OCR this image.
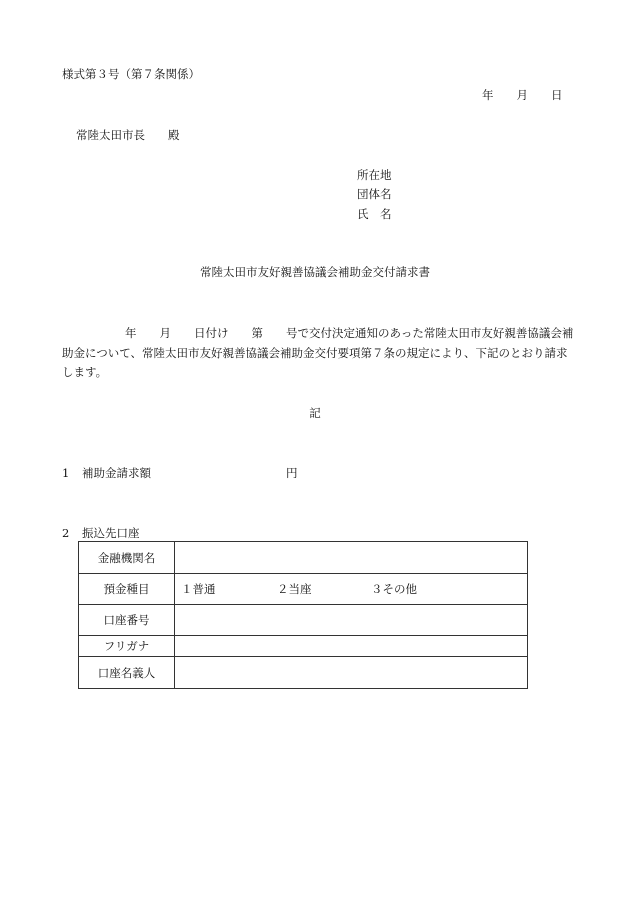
様式第３号（第７条関係）
年　　月　　日
常陸太田市長　　殿
所在地
団体名
氏　名
常陸太田市友好親善協議会補助金交付請求書
年　　月　　日付け　　第　　号で交付決定通知のあった常陸太田市友好親善協議会補助金について、常陸太田市友好親善協議会補助金交付要項第７条の規定により、下記のとおり請求します。
記
1 補助金請求額	円
2 振込先口座
金融機関名	
預金種目	１普通 ２当座 ３その他
口座番号	
フリガナ	
口座名義人	
